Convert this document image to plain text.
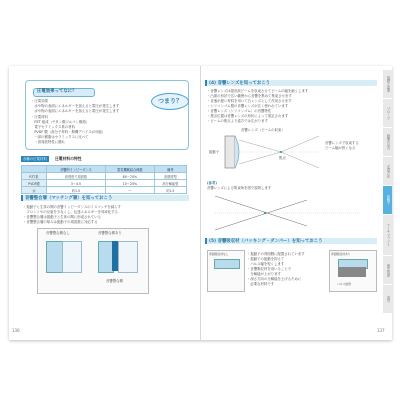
圧電効果ってなに？
つまり？
・圧電効果
　水や物の表面にエネルギーを加えると電圧が発生します
　水や物の表面にエネルギーを加えると電圧が発生します
・圧電材料
　PZT 組成（チタン酸ジルコン酸鉛）
　電子セラミックス系の材料
　PVDF 膜（高分子材料・無機デバイスが可能）
　一部の樹脂はセラミックスに比べて
　・高周波特性に優れ
各種の圧電材料	圧電材料の特性
	音響的インピーダンス	電気機械結合係数	備考
PZT系	高感度で周波数	60〜70%	高感度型
PVDF膜	3〜4.5	10〜20%	高分解能型
水	約1.5	—	約1.5
音響整合層（マッチング層）を知っておこう
・振動子と生体の間の音響インピーダンスのミスマッチを減らす
　フロントやの反射を少なくし、伝達エネルギーを効率化する
・音響整合層は振動子と生体の間に形成されている
・音響整合層の厚みは振動子の周波数に対応する
音響整合層なし	音響整合層あり
音響整合層
136
(4) 音響レンズを知っておこう
・音響レンズは超音波ビームを収束させてビームの幅を細くします
・凸面の形状で広い範囲から音響を集めて集束させます
・音速が遅い材料を用いて凸レンズとして作用させます
・シリコンゴム製の音響レンズが広く使われています
・音響レンズ（シリコンゴム）の音響特性
・焦点位置は音響レンズの形状によって規定されます
・ビームの焦点より遠方では広がります
音響レンズ（ビームの収束）
振動子
焦点
音響レンズで収束する
ビーム幅が狭くなる
(参考)
音響レンズによる集束角を図で説明します
(5) 音響吸収材（バッキング・ダンパー）を知っておこう
背面吸収材なし	・振動子の背面側に配置されています
・振動子の振動を抑えて
　パルス幅を短くします
・音響吸収材を用いることで
　分解能が上がります
・深さ方向の分解能を上げるために
　必要な材料です
背面吸収材あり
パルス波形
137
基礎と原理
プローブ
画像の見方
走査方法
探触子
アーチファクト
保守管理
索引
